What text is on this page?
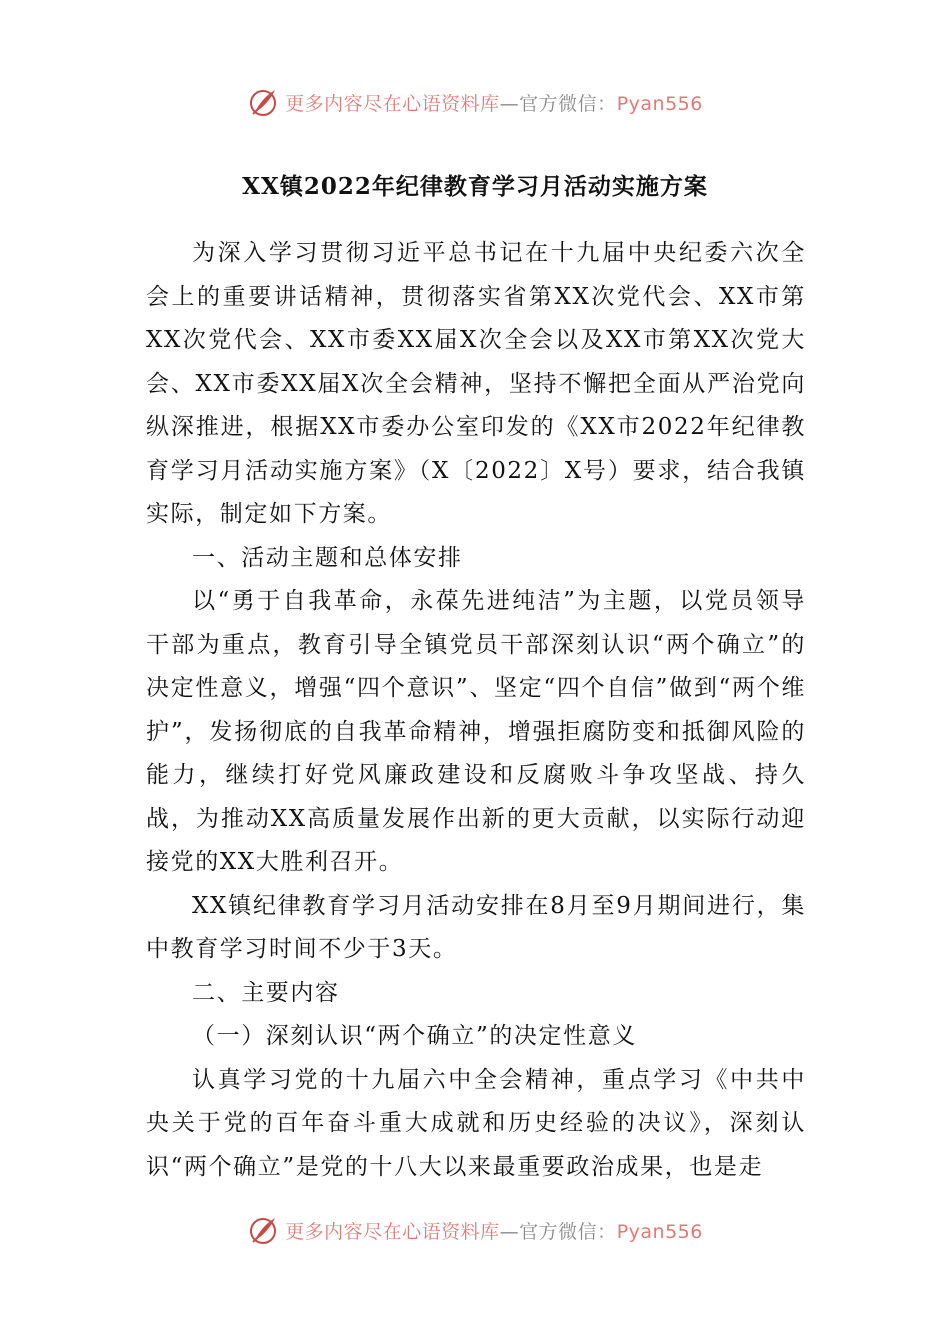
更多内容尽在心语资料库—官方微信：Pyan556
XX镇2022年纪律教育学习月活动实施方案

为深入学习贯彻习近平总书记在十九届中央纪委六次全会上的重要讲话精神，贯彻落实省第XX次党代会、XX市第XX次党代会、XX市委XX届X次全会以及XX市第XX次党大会、XX市委XX届X次全会精神，坚持不懈把全面从严治党向纵深推进，根据XX市委办公室印发的《XX市2022年纪律教育学习月活动实施方案》（X〔2022〕X号）要求，结合我镇实际，制定如下方案。

一、活动主题和总体安排

以“勇于自我革命，永葆先进纯洁”为主题，以党员领导干部为重点，教育引导全镇党员干部深刻认识“两个确立”的决定性意义，增强“四个意识”、坚定“四个自信”做到“两个维护”，发扬彻底的自我革命精神，增强拒腐防变和抵御风险的能力，继续打好党风廉政建设和反腐败斗争攻坚战、持久战，为推动XX高质量发展作出新的更大贡献，以实际行动迎接党的XX大胜利召开。

XX镇纪律教育学习月活动安排在8月至9月期间进行，集中教育学习时间不少于3天。

二、主要内容

（一）深刻认识“两个确立”的决定性意义

认真学习党的十九届六中全会精神，重点学习《中共中央关于党的百年奋斗重大成就和历史经验的决议》，深刻认识“两个确立”是党的十八大以来最重要政治成果，也是走

更多内容尽在心语资料库—官方微信：Pyan556
